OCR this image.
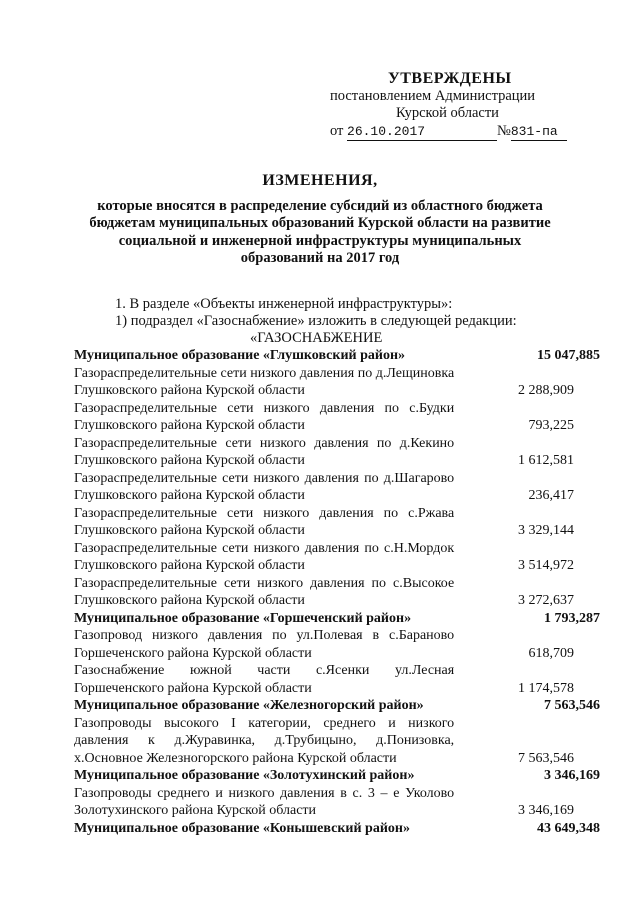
УТВЕРЖДЕНЫ
постановлением Администрации
Курской области
от 26.10.2017	№831-па
ИЗМЕНЕНИЯ,
которые вносятся в распределение субсидий из областного бюджета бюджетам муниципальных образований Курской области на развитие социальной и инженерной инфраструктуры муниципальных образований на 2017 год
1. В разделе «Объекты инженерной инфраструктуры»:
1) подраздел «Газоснабжение» изложить в следующей редакции:
«ГАЗОСНАБЖЕНИЕ
Муниципальное образование «Глушковский район»	15 047,885
Газораспределительные сети низкого давления по д.Лещиновка Глушковского района Курской области	2 288,909
Газораспределительные сети низкого давления по с.Будки Глушковского района Курской области	793,225
Газораспределительные сети низкого давления по д.Кекино Глушковского района Курской области	1 612,581
Газораспределительные сети низкого давления по д.Шагарово Глушковского района Курской области	236,417
Газораспределительные сети низкого давления по с.Ржава Глушковского района Курской области	3 329,144
Газораспределительные сети низкого давления по с.Н.Мордок Глушковского района Курской области	3 514,972
Газораспределительные сети низкого давления по с.Высокое Глушковского района Курской области	3 272,637
Муниципальное образование «Горшеченский район»	1 793,287
Газопровод низкого давления по ул.Полевая в с.Бараново Горшеченского района Курской области	618,709
Газоснабжение южной части с.Ясенки ул.Лесная Горшеченского района Курской области	1 174,578
Муниципальное образование «Железногорский район»	7 563,546
Газопроводы высокого I категории, среднего и низкого давления к д.Журавинка, д.Трубицыно, д.Понизовка, х.Основное Железногорского района Курской области	7 563,546
Муниципальное образование «Золотухинский район»	3 346,169
Газопроводы среднего и низкого давления в с. 3 – е Уколово Золотухинского района Курской области	3 346,169
Муниципальное образование «Конышевский район»	43 649,348
